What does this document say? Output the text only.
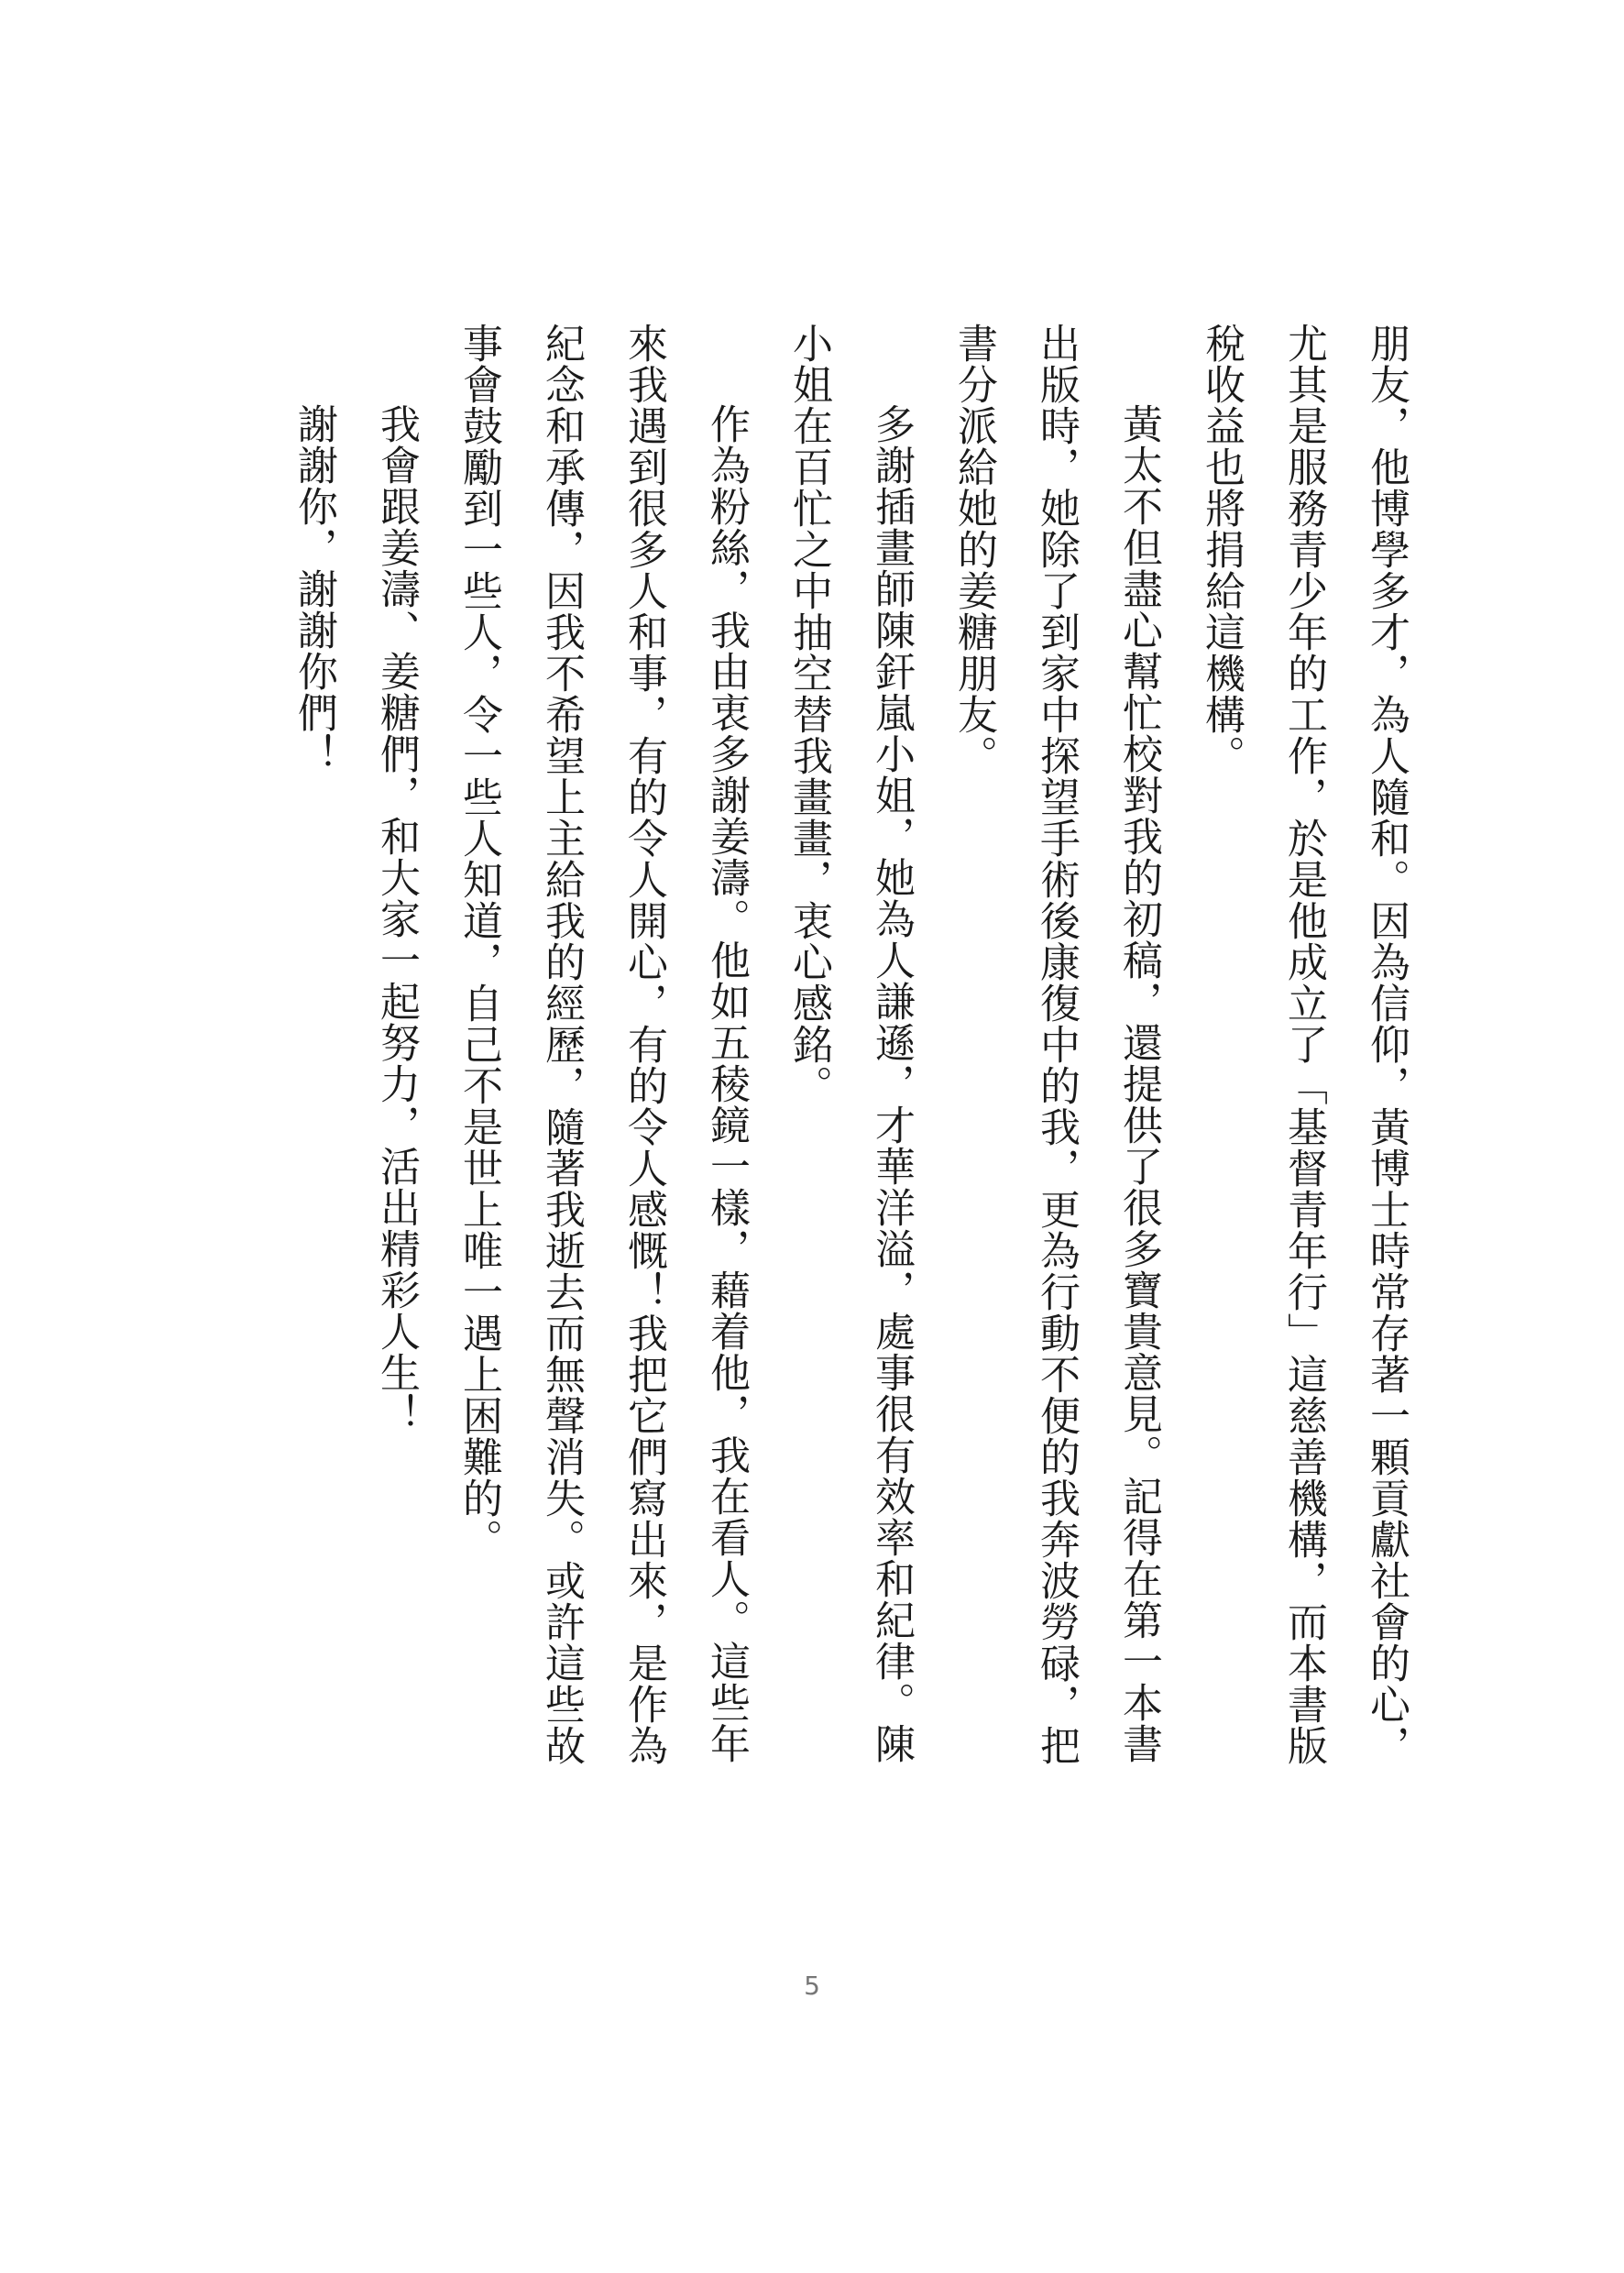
朋友，他博學多才，為人隨和。因為信仰，黃博士時常存著一顆貢獻社會的心，
尤其是服務青少年的工作，於是他成立了「基督青年行」這慈善機構，而本書版
稅收益也將捐給這機構。
黃太不但盡心幫忙校對我的初稿，還提供了很多寶貴意見。記得在第一本書
出版時，她除了到家中探望手術後康復中的我，更為行動不便的我奔波勞碌，把
書分派給她的姜糖朋友。
多謝插畫師陳釬嵐小姐，她為人謙遜，才華洋溢，處事很有效率和紀律。陳
小姐在百忙之中抽空替我畫畫，衷心感銘。
作為粉絲，我由衷多謝姜濤。他如五稜鏡一樣，藉着他，我在看人。這些年
來我遇到很多人和事，有的令人開心，有的令人感慨！我把它們寫出來，是作為
紀念和承傳，因我不希望上主給我的經歷，隨著我逝去而無聲消失。或許這些故
事會鼓勵到一些人，令一些人知道，自己不是世上唯一遇上困難的。
我會跟姜濤、姜糖們，和大家一起努力，活出精彩人生！
謝謝你，謝謝你們！
5
